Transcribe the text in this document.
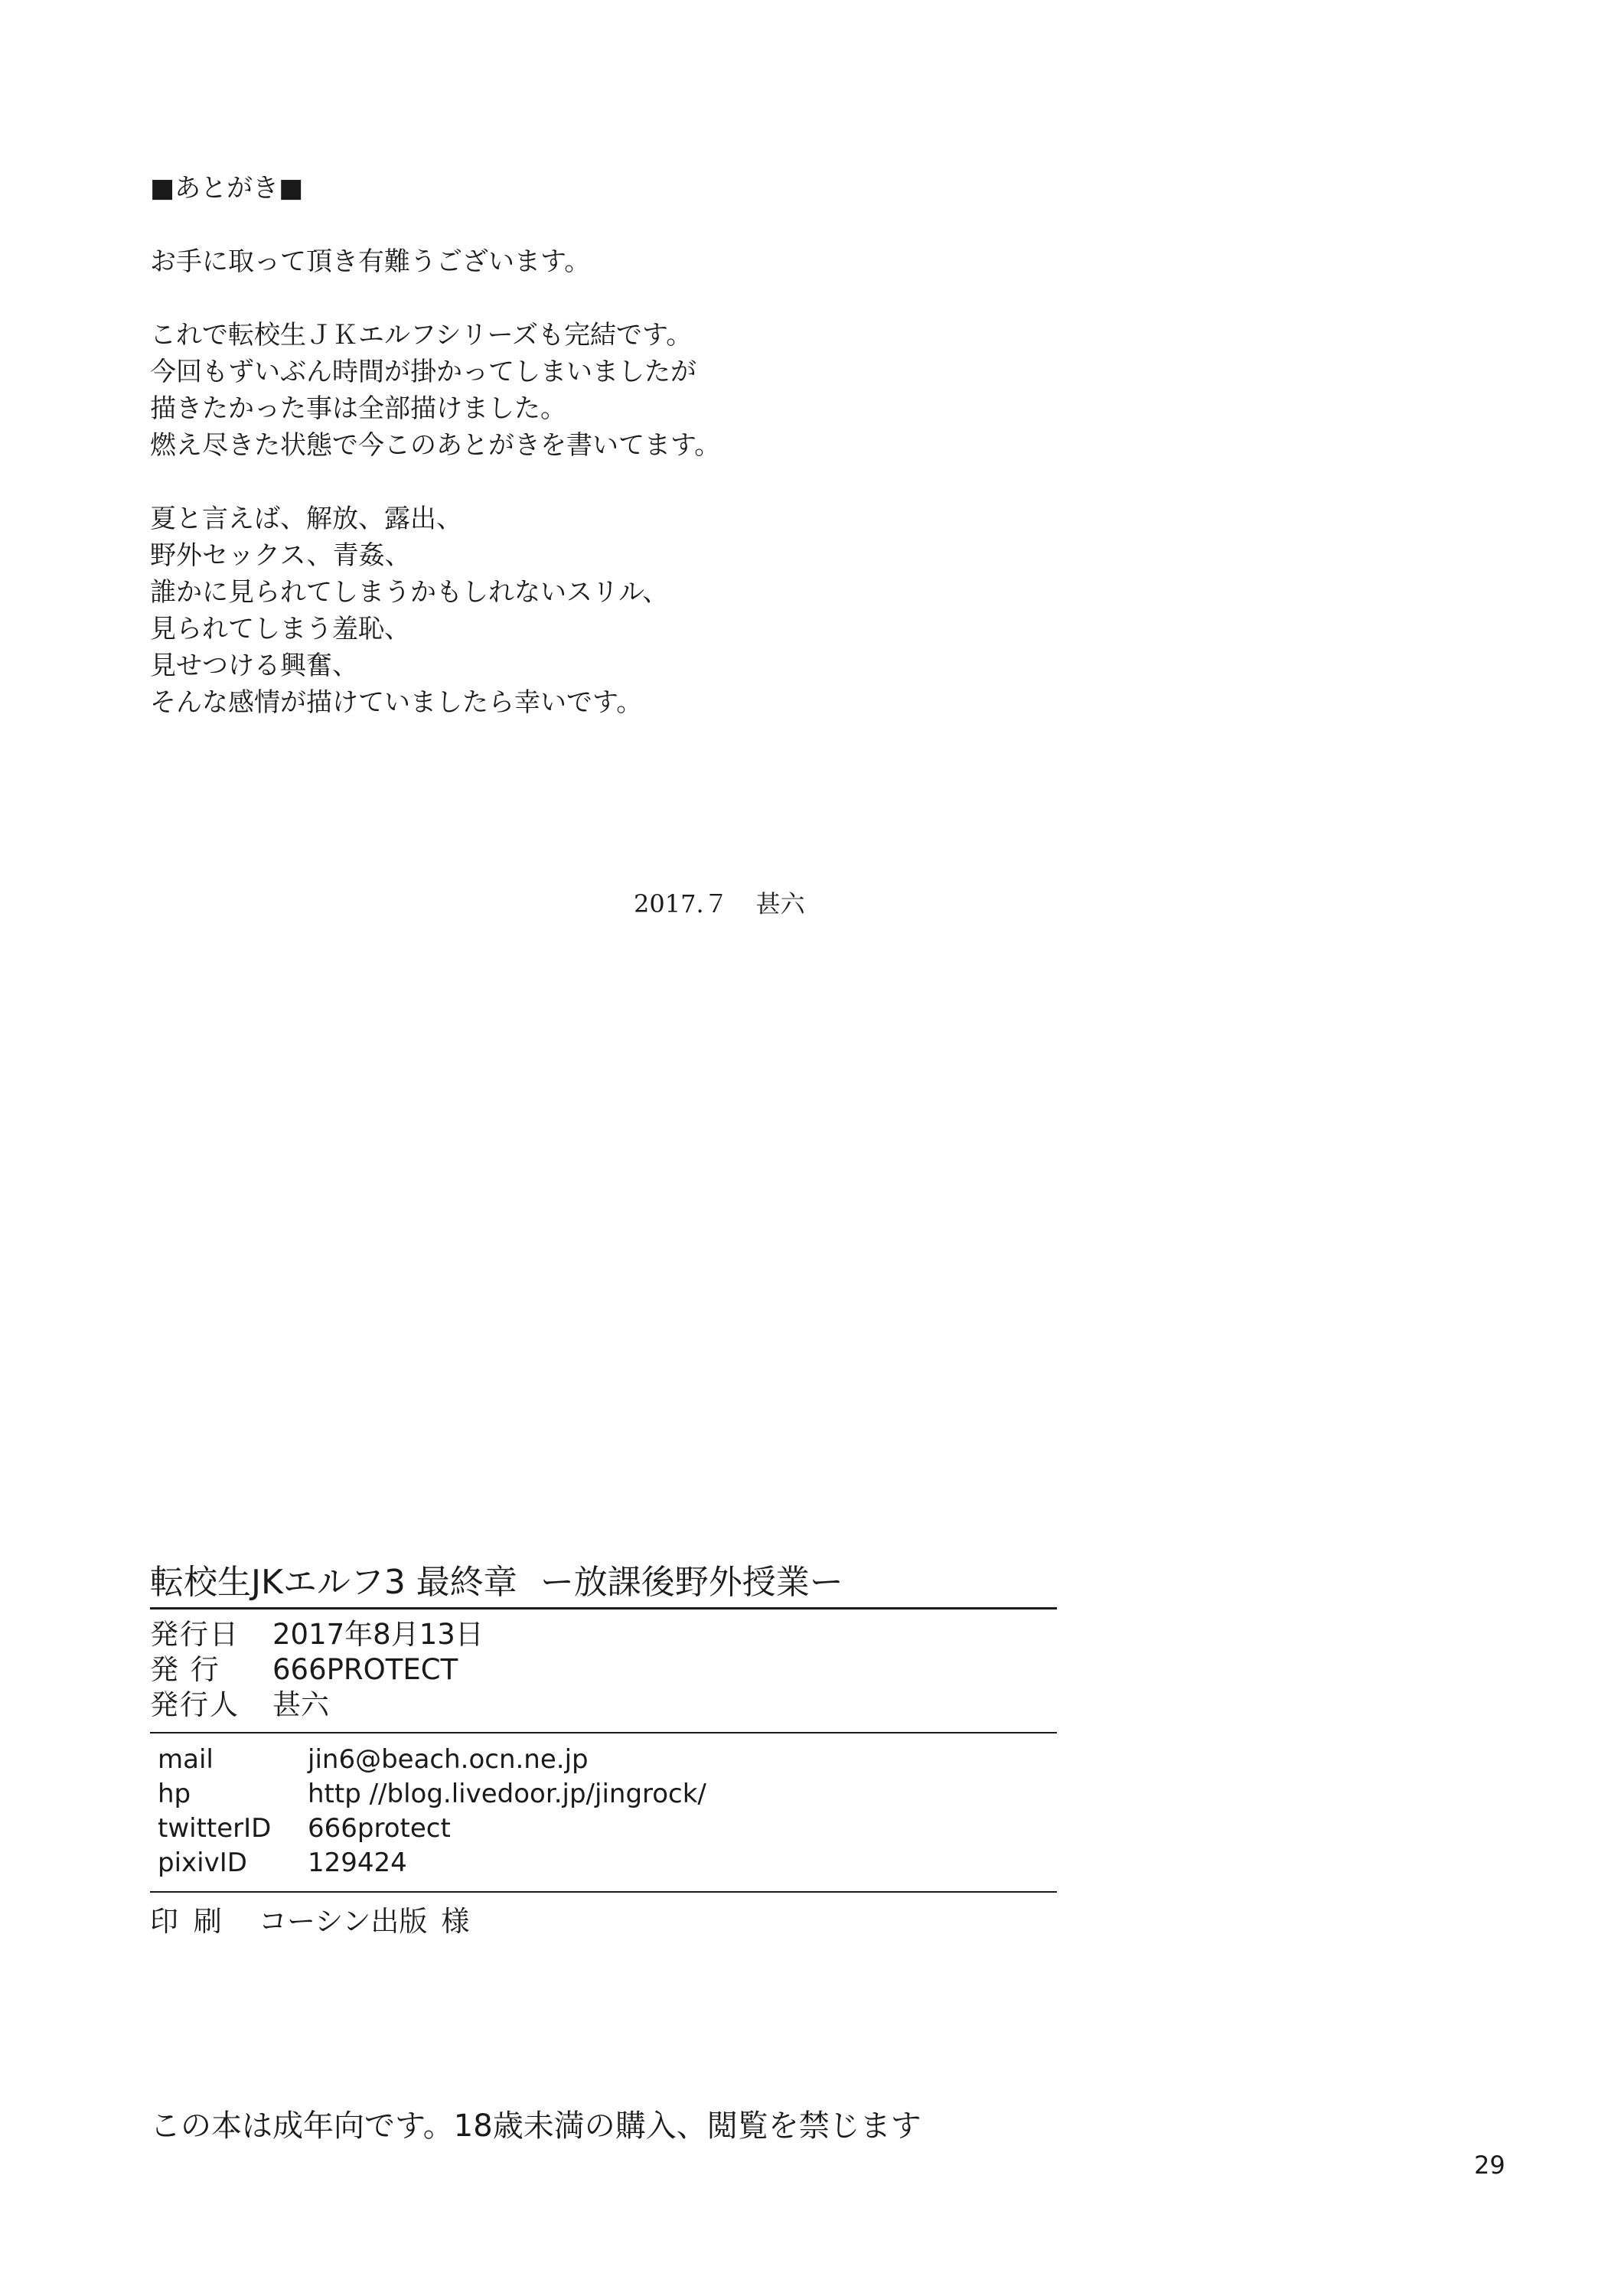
■あとがき■
お手に取って頂き有難うございます。
これで転校生ＪＫエルフシリーズも完結です。
今回もずいぶん時間が掛かってしまいましたが
描きたかった事は全部描けました。
燃え尽きた状態で今このあとがきを書いてます。
夏と言えば、解放、露出、
野外セックス、青姦、
誰かに見られてしまうかもしれないスリル、
見られてしまう羞恥、
見せつける興奮、
そんな感情が描けていましたら幸いです。
2017.７ 甚六
転校生JKエルフ3 最終章 ー放課後野外授業ー
発行日	2017年8月13日
発 行	666PROTECT
発行人	甚六
mail	jin6@beach.ocn.ne.jp
hp	http //blog.livedoor.jp/jingrock/
twitterID	666protect
pixivID	129424
印 刷	コーシン出版 様
この本は成年向です。18歳未満の購入、閲覧を禁じます
29
